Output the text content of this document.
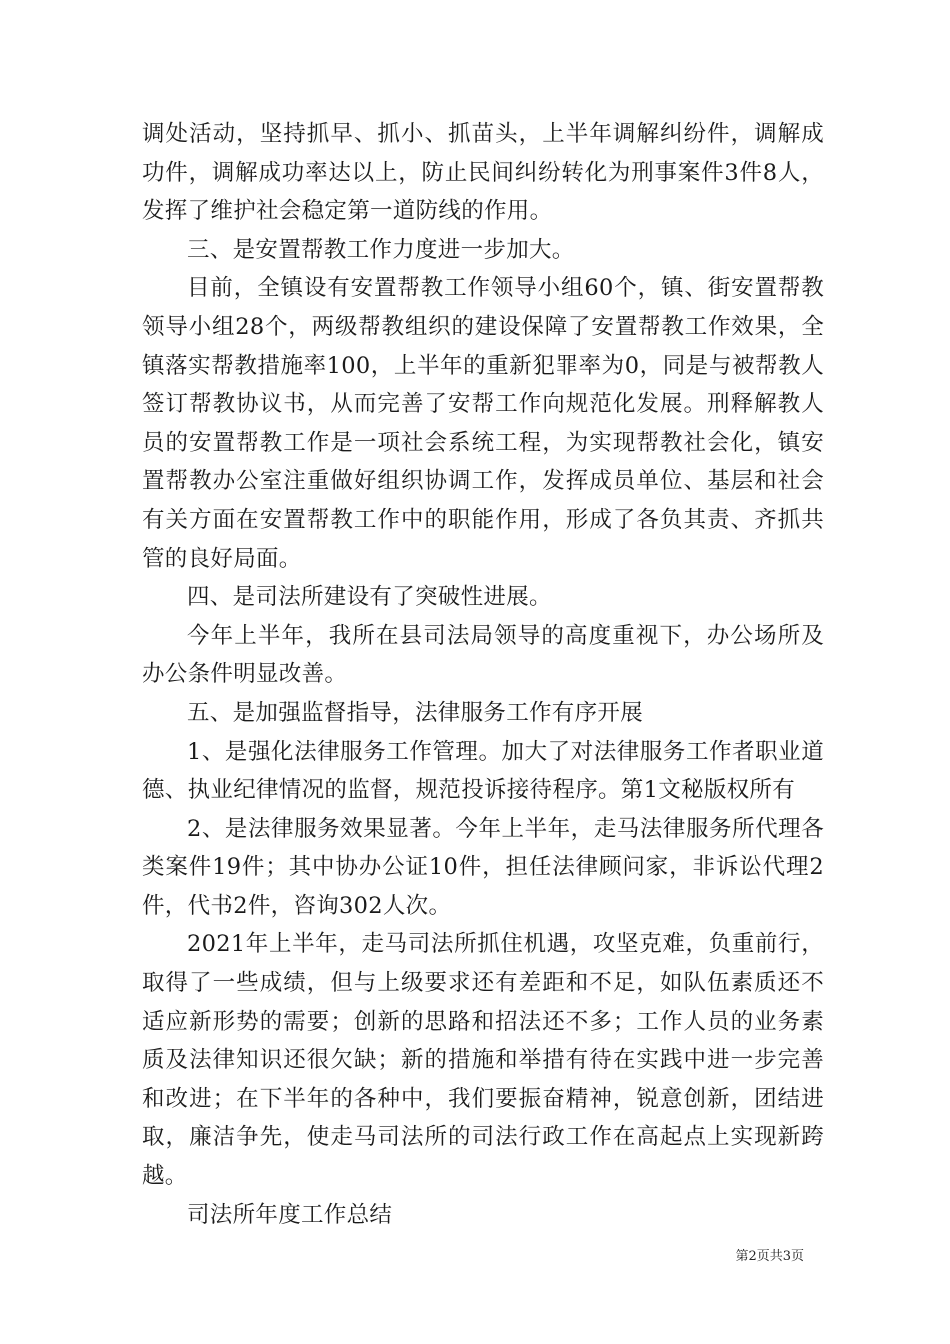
调处活动，坚持抓早、抓小、抓苗头，上半年调解纠纷件，调解成功件，调解成功率达以上，防止民间纠纷转化为刑事案件3件8人，发挥了维护社会稳定第一道防线的作用。

三、是安置帮教工作力度进一步加大。

目前，全镇设有安置帮教工作领导小组60个，镇、街安置帮教领导小组28个，两级帮教组织的建设保障了安置帮教工作效果，全镇落实帮教措施率100，上半年的重新犯罪率为0，同是与被帮教人签订帮教协议书，从而完善了安帮工作向规范化发展。刑释解教人员的安置帮教工作是一项社会系统工程，为实现帮教社会化，镇安置帮教办公室注重做好组织协调工作，发挥成员单位、基层和社会有关方面在安置帮教工作中的职能作用，形成了各负其责、齐抓共管的良好局面。

四、是司法所建设有了突破性进展。

今年上半年，我所在县司法局领导的高度重视下，办公场所及办公条件明显改善。

五、是加强监督指导，法律服务工作有序开展

1、是强化法律服务工作管理。加大了对法律服务工作者职业道德、执业纪律情况的监督，规范投诉接待程序。第1文秘版权所有

2、是法律服务效果显著。今年上半年，走马法律服务所代理各类案件19件；其中协办公证10件，担任法律顾问家，非诉讼代理2件，代书2件，咨询302人次。

2021年上半年，走马司法所抓住机遇，攻坚克难，负重前行，取得了一些成绩，但与上级要求还有差距和不足，如队伍素质还不适应新形势的需要；创新的思路和招法还不多；工作人员的业务素质及法律知识还很欠缺；新的措施和举措有待在实践中进一步完善和改进；在下半年的各种中，我们要振奋精神，锐意创新，团结进取，廉洁争先，使走马司法所的司法行政工作在高起点上实现新跨越。

司法所年度工作总结

第2页共3页
